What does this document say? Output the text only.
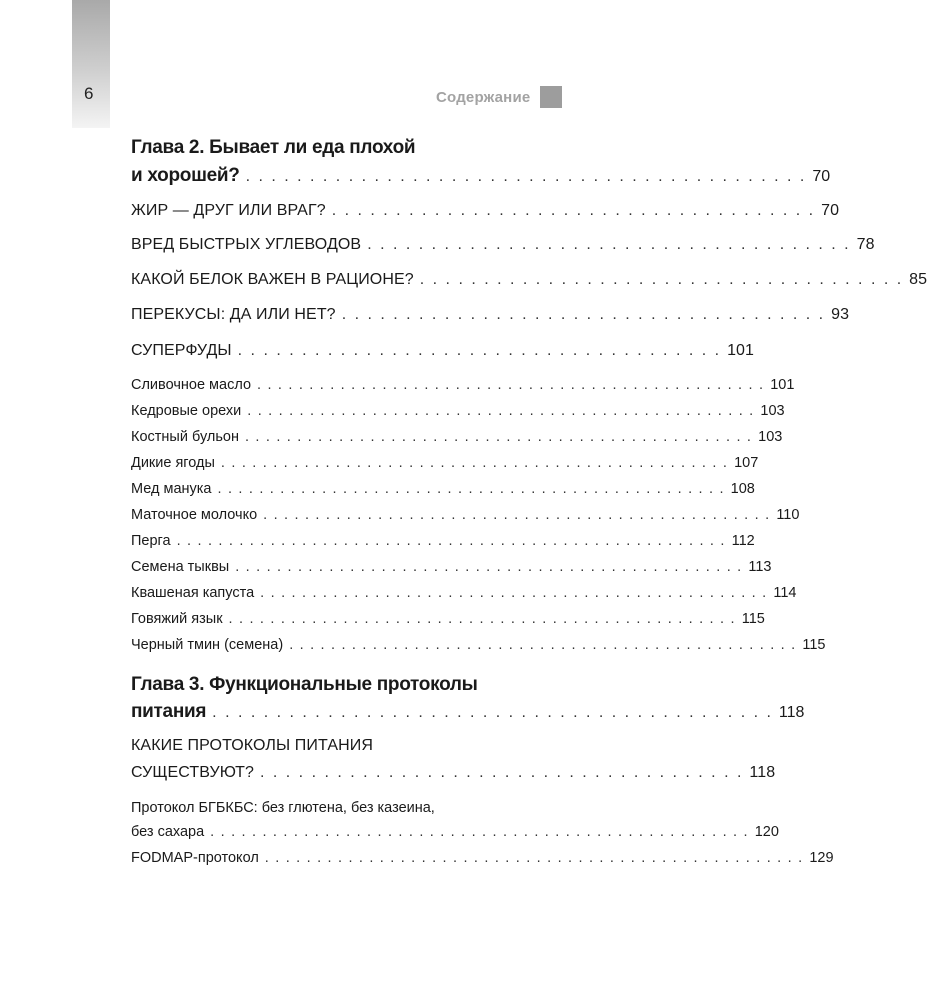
6	Содержание
Глава 2. Бывает ли еда плохой
и хорошей? . . . . . . . . . . . . . . . . . . . . . . . . . . . . . . . . . . . . . . . . . . . . 70
ЖИР — ДРУГ ИЛИ ВРАГ? . . . . . . . . . . . . . . . . . . . . . . . . . . . . . . . . . . . . . . 70
ВРЕД БЫСТРЫХ УГЛЕВОДОВ . . . . . . . . . . . . . . . . . . . . . . . . . . . . . . . . . . . . . . 78
КАКОЙ БЕЛОК ВАЖЕН В РАЦИОНЕ? . . . . . . . . . . . . . . . . . . . . . . . . . . . . . . . . . . . . . . 85
ПЕРЕКУСЫ: ДА ИЛИ НЕТ? . . . . . . . . . . . . . . . . . . . . . . . . . . . . . . . . . . . . . . 93
СУПЕРФУДЫ . . . . . . . . . . . . . . . . . . . . . . . . . . . . . . . . . . . . . . 101
Сливочное масло . . . . . . . . . . . . . . . . . . . . . . . . . . . . . . . . . . . . . . . . . . . . . . . . . 101
Кедровые орехи . . . . . . . . . . . . . . . . . . . . . . . . . . . . . . . . . . . . . . . . . . . . . . . . . 103
Костный бульон . . . . . . . . . . . . . . . . . . . . . . . . . . . . . . . . . . . . . . . . . . . . . . . . . 103
Дикие ягоды . . . . . . . . . . . . . . . . . . . . . . . . . . . . . . . . . . . . . . . . . . . . . . . . . 107
Мед манука . . . . . . . . . . . . . . . . . . . . . . . . . . . . . . . . . . . . . . . . . . . . . . . . . 108
Маточное молочко . . . . . . . . . . . . . . . . . . . . . . . . . . . . . . . . . . . . . . . . . . . . . . . . . 110
Перга . . . . . . . . . . . . . . . . . . . . . . . . . . . . . . . . . . . . . . . . . . . . . . . . . . . . . 112
Семена тыквы . . . . . . . . . . . . . . . . . . . . . . . . . . . . . . . . . . . . . . . . . . . . . . . . . 113
Квашеная капуста . . . . . . . . . . . . . . . . . . . . . . . . . . . . . . . . . . . . . . . . . . . . . . . . . 114
Говяжий язык . . . . . . . . . . . . . . . . . . . . . . . . . . . . . . . . . . . . . . . . . . . . . . . . . 115
Черный тмин (семена) . . . . . . . . . . . . . . . . . . . . . . . . . . . . . . . . . . . . . . . . . . . . . . . . . 115
Глава 3. Функциональные протоколы
питания . . . . . . . . . . . . . . . . . . . . . . . . . . . . . . . . . . . . . . . . . . . . 118
КАКИЕ ПРОТОКОЛЫ ПИТАНИЯ
СУЩЕСТВУЮТ? . . . . . . . . . . . . . . . . . . . . . . . . . . . . . . . . . . . . . . 118
Протокол БГБКБС: без глютена, без казеина,
без сахара . . . . . . . . . . . . . . . . . . . . . . . . . . . . . . . . . . . . . . . . . . . . . . . . . . . . 120
FODMAP-протокол . . . . . . . . . . . . . . . . . . . . . . . . . . . . . . . . . . . . . . . . . . . . . . . . . . . . 129
